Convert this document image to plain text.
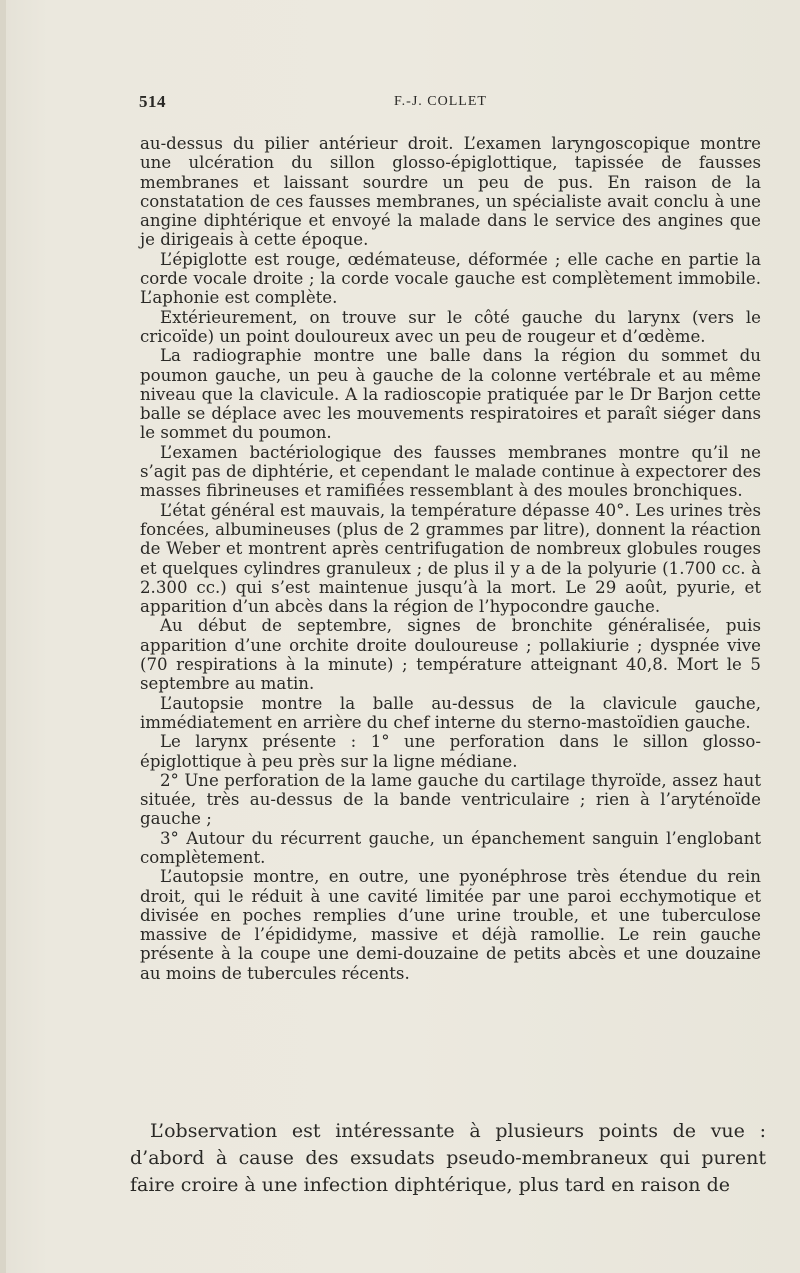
514	F.-J. COLLET

au-dessus du pilier antérieur droit. L’examen laryngoscopique montre une ulcération du sillon glosso-épiglottique, tapissée de fausses membranes et laissant sourdre un peu de pus. En raison de la constatation de ces fausses membranes, un spécialiste avait conclu à une angine diphtérique et envoyé la malade dans le service des angines que je dirigeais à cette époque.

L’épiglotte est rouge, œdémateuse, déformée ; elle cache en partie la corde vocale droite ; la corde vocale gauche est complètement immobile. L’aphonie est complète.

Extérieurement, on trouve sur le côté gauche du larynx (vers le cricoïde) un point douloureux avec un peu de rougeur et d’œdème.

La radiographie montre une balle dans la région du sommet du poumon gauche, un peu à gauche de la colonne vertébrale et au même niveau que la clavicule. A la radioscopie pratiquée par le Dr Barjon cette balle se déplace avec les mouvements respiratoires et paraît siéger dans le sommet du poumon.

L’examen bactériologique des fausses membranes montre qu’il ne s’agit pas de diphtérie, et cependant le malade continue à expectorer des masses fibrineuses et ramifiées ressemblant à des moules bronchiques.

L’état général est mauvais, la température dépasse 40°. Les urines très foncées, albumineuses (plus de 2 grammes par litre), donnent la réaction de Weber et montrent après centrifugation de nombreux globules rouges et quelques cylindres granuleux ; de plus il y a de la polyurie (1.700 cc. à 2.300 cc.) qui s’est maintenue jusqu’à la mort. Le 29 août, pyurie, et apparition d’un abcès dans la région de l’hypocondre gauche.

Au début de septembre, signes de bronchite généralisée, puis apparition d’une orchite droite douloureuse ; pollakiurie ; dyspnée vive (70 respirations à la minute) ; température atteignant 40,8. Mort le 5 septembre au matin.

L’autopsie montre la balle au-dessus de la clavicule gauche, immédiatement en arrière du chef interne du sterno-mastoïdien gauche.

Le larynx présente : 1° une perforation dans le sillon glosso-épiglottique à peu près sur la ligne médiane.

2° Une perforation de la lame gauche du cartilage thyroïde, assez haut située, très au-dessus de la bande ventriculaire ; rien à l’aryténoïde gauche ;

3° Autour du récurrent gauche, un épanchement sanguin l’englobant complètement.

L’autopsie montre, en outre, une pyonéphrose très étendue du rein droit, qui le réduit à une cavité limitée par une paroi ecchymotique et divisée en poches remplies d’une urine trouble, et une tuberculose massive de l’épididyme, massive et déjà ramollie. Le rein gauche présente à la coupe une demi-douzaine de petits abcès et une douzaine au moins de tubercules récents.

L’observation est intéressante à plusieurs points de vue : d’abord à cause des exsudats pseudo-membraneux qui purent faire croire à une infection diphtérique, plus tard en raison de
